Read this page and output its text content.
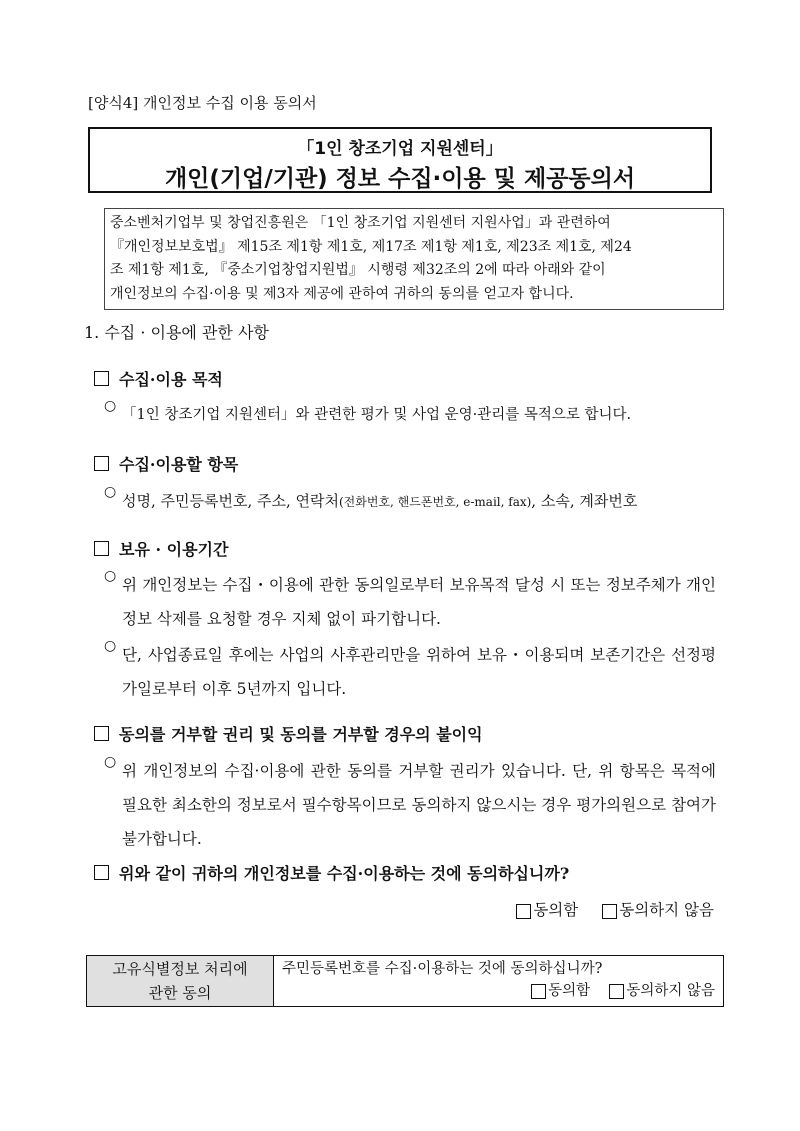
[양식4] 개인정보 수집 이용 동의서
「1인 창조기업 지원센터」
개인(기업/기관) 정보 수집·이용 및 제공동의서

중소벤처기업부 및 창업진흥원은 「1인 창조기업 지원센터 지원사업」과 관련하여

『개인정보보호법』 제15조 제1항 제1호, 제17조 제1항 제1호, 제23조 제1호, 제24

조 제1항 제1호, 『중소기업창업지원법』 시행령 제32조의 2에 따라 아래와 같이

개인정보의 수집·이용 및 제3자 제공에 관하여 귀하의 동의를 얻고자 합니다.

1. 수집 · 이용에 관한 사항
수집·이용 목적
○
「1인 창조기업 지원센터」와 관련한 평가 및 사업 운영·관리를 목적으로 합니다.
수집·이용할 항목
○ 성명, 주민등록번호, 주소, 연락처(전화번호, 핸드폰번호, e-mail, fax), 소속, 계좌번호
보유 · 이용기간
○ 위 개인정보는 수집・이용에 관한 동의일로부터 보유목적 달성 시 또는 정보주체가 개인정보 삭제를 요청할 경우 지체 없이 파기합니다.
○ 단, 사업종료일 후에는 사업의 사후관리만을 위하여 보유・이용되며 보존기간은 선정평가일로부터 이후 5년까지 입니다.
동의를 거부할 권리 및 동의를 거부할 경우의 불이익
○ 위 개인정보의 수집·이용에 관한 동의를 거부할 권리가 있습니다. 단, 위 항목은 목적에 필요한 최소한의 정보로서 필수항목이므로 동의하지 않으시는 경우 평가의원으로 참여가 불가합니다.
위와 같이 귀하의 개인정보를 수집·이용하는 것에 동의하십니까?
동의함	동의하지 않음
고유식별정보 처리에
관한 동의
주민등록번호를 수집·이용하는 것에 동의하십니까?
동의함 동의하지 않음
